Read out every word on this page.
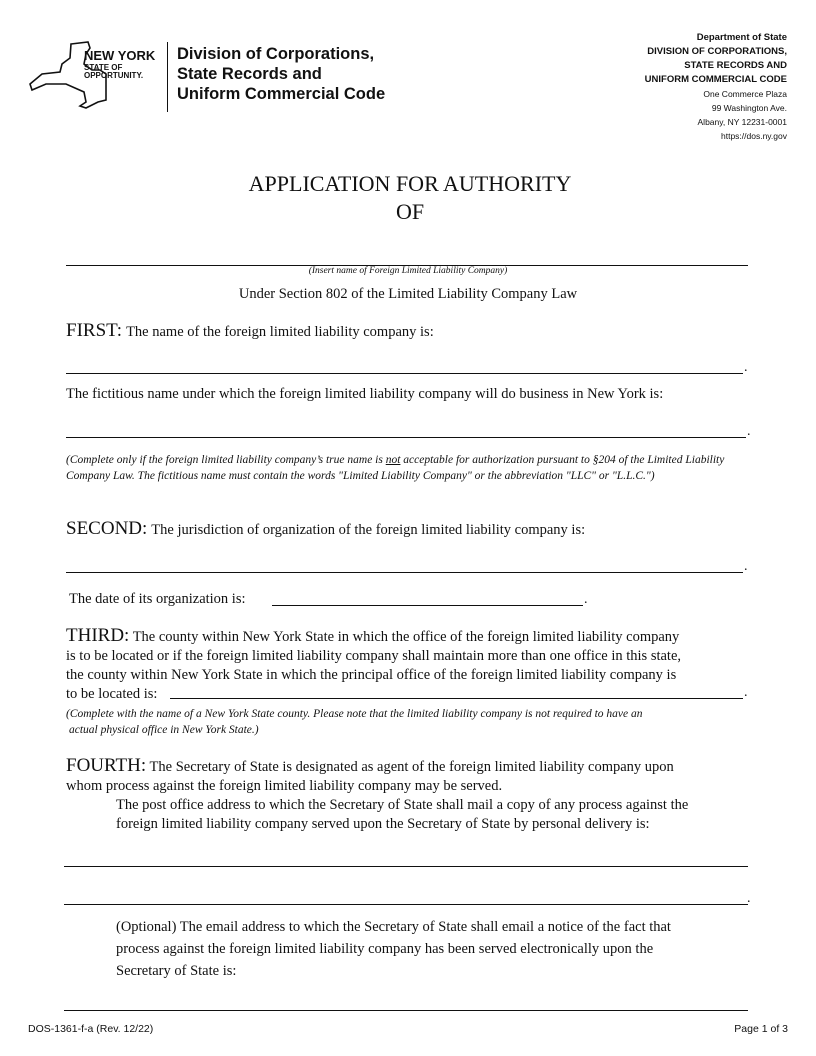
NEW YORK
STATE OF
OPPORTUNITY.
Division of Corporations,
State Records and
Uniform Commercial Code
Department of State
DIVISION OF CORPORATIONS,
STATE RECORDS AND
UNIFORM COMMERCIAL CODE
One Commerce Plaza
99 Washington Ave.
Albany, NY 12231-0001
https://dos.ny.gov
APPLICATION FOR AUTHORITY
OF
(Insert name of Foreign Limited Liability Company)
Under Section 802 of the Limited Liability Company Law
FIRST: The name of the foreign limited liability company is:
.
The fictitious name under which the foreign limited liability company will do business in New York is:
.
(Complete only if the foreign limited liability company’s true name is not acceptable for authorization pursuant to §204 of the Limited Liability Company Law. The fictitious name must contain the words "Limited Liability Company" or the abbreviation "LLC" or "L.L.C.")
SECOND: The jurisdiction of organization of the foreign limited liability company is:
.
The date of its organization is:	.
THIRD: The county within New York State in which the office of the foreign limited liability company
is to be located or if the foreign limited liability company shall maintain more than one office in this state,
the county within New York State in which the principal office of the foreign limited liability company is
to be located is:	.
(Complete with the name of a New York State county. Please note that the limited liability company is not required to have an
actual physical office in New York State.)
FOURTH: The Secretary of State is designated as agent of the foreign limited liability company upon
whom process against the foreign limited liability company may be served.
The post office address to which the Secretary of State shall mail a copy of any process against the
foreign limited liability company served upon the Secretary of State by personal delivery is:
.
(Optional) The email address to which the Secretary of State shall email a notice of the fact that
process against the foreign limited liability company has been served electronically upon the
Secretary of State is:
DOS-1361-f-a (Rev. 12/22)	Page 1 of 3
